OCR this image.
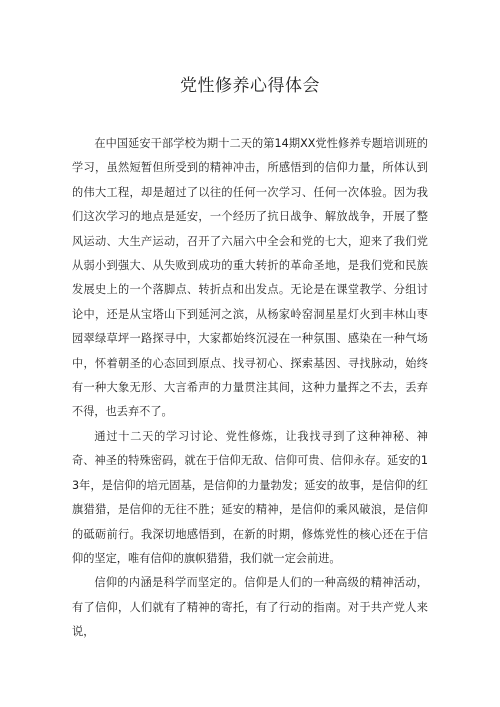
党性修养心得体会

在中国延安干部学校为期十二天的第14期XX党性修养专题培训班的学习，虽然短暂但所受到的精神冲击，所感悟到的信仰力量，所体认到的伟大工程，却是超过了以往的任何一次学习、任何一次体验。因为我们这次学习的地点是延安，一个经历了抗日战争、解放战争，开展了整风运动、大生产运动，召开了六届六中全会和党的七大，迎来了我们党从弱小到强大、从失败到成功的重大转折的革命圣地，是我们党和民族发展史上的一个落脚点、转折点和出发点。无论是在课堂教学、分组讨论中，还是从宝塔山下到延河之滨，从杨家岭窑洞星星灯火到丰林山枣园翠绿草坪一路探寻中，大家都始终沉浸在一种氛围、感染在一种气场中，怀着朝圣的心态回到原点、找寻初心、探索基因、寻找脉动，始终有一种大象无形、大言希声的力量贯注其间，这种力量挥之不去，丢弃不得，也丢弃不了。

通过十二天的学习讨论、党性修炼，让我找寻到了这种神秘、神奇、神圣的特殊密码，就在于信仰无敌、信仰可贵、信仰永存。延安的13年，是信仰的培元固基，是信仰的力量勃发；延安的故事，是信仰的红旗猎猎，是信仰的无往不胜；延安的精神，是信仰的乘风破浪，是信仰的砥砺前行。我深切地感悟到，在新的时期，修炼党性的核心还在于信仰的坚定，唯有信仰的旗帜猎猎，我们就一定会前进。

信仰的内涵是科学而坚定的。信仰是人们的一种高级的精神活动，有了信仰，人们就有了精神的寄托，有了行动的指南。对于共产党人来说，
